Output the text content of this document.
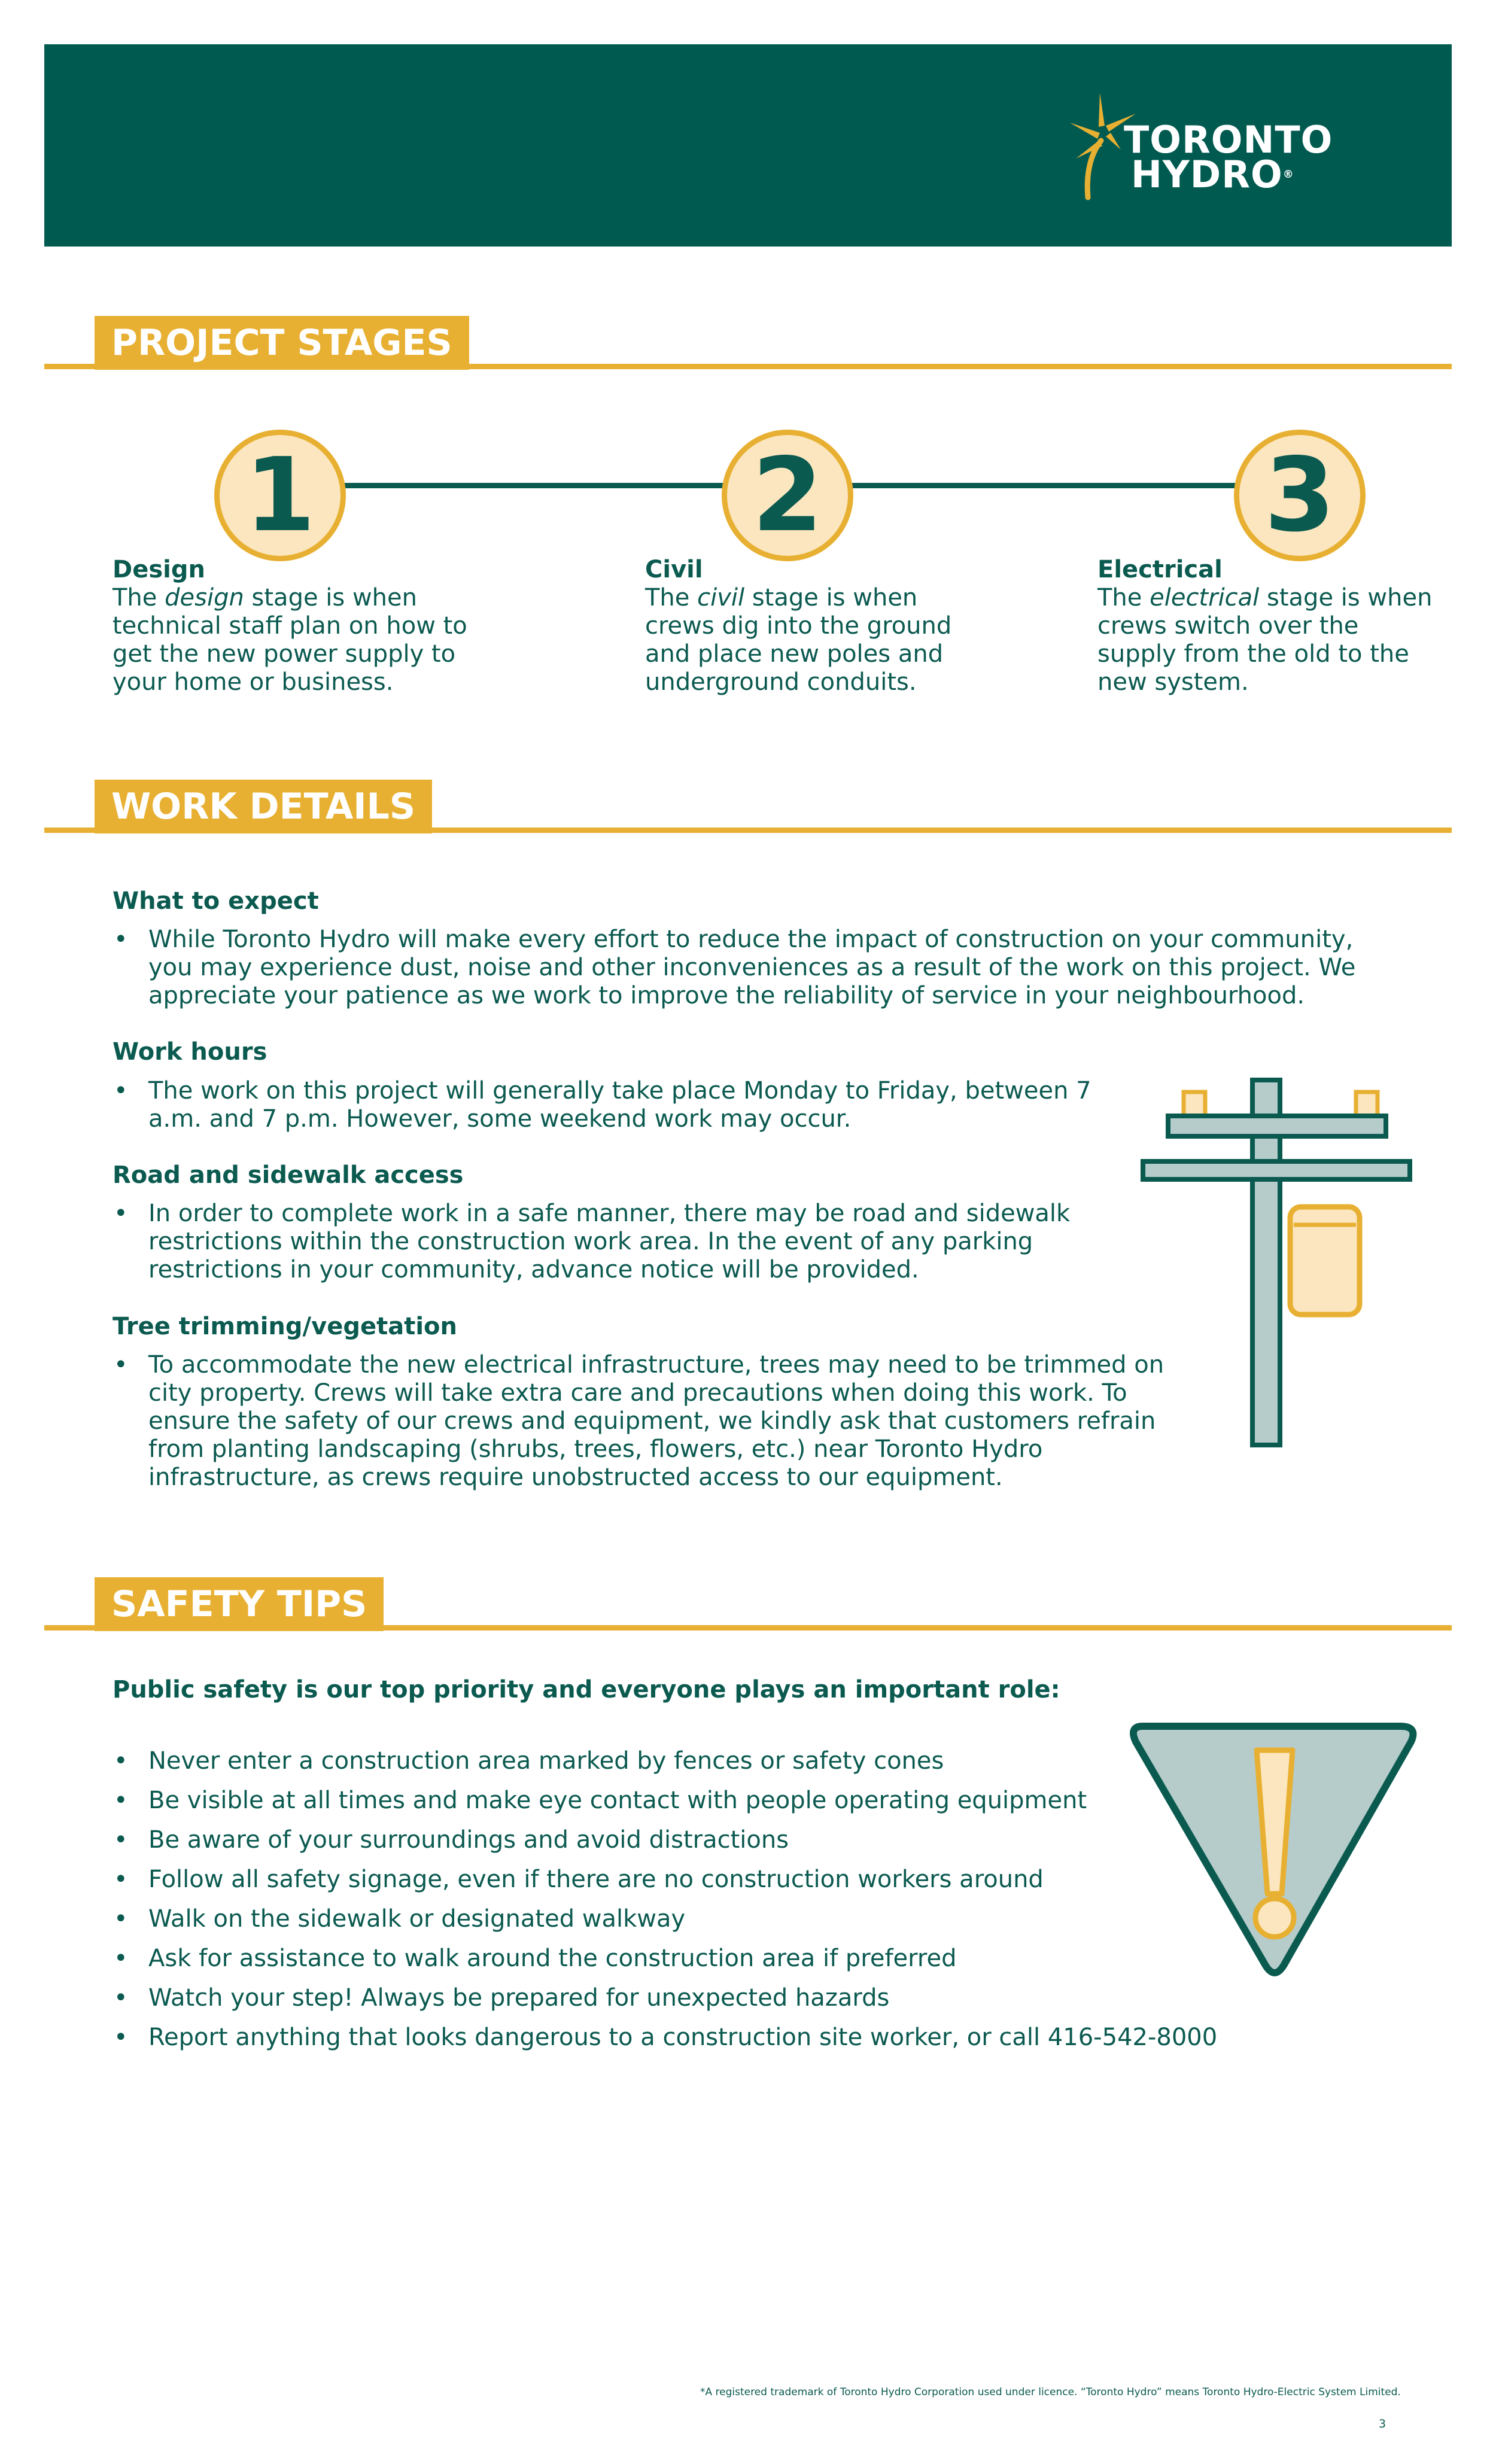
TORONTO
HYDRO®
PROJECT STAGES
1	2	3
Design
The design stage is when technical staff plan on how to get the new power supply to your home or business.
Civil
The civil stage is when crews dig into the ground and place new poles and underground conduits.
Electrical
The electrical stage is when crews switch over the supply from the old to the new system.
WORK DETAILS
What to expect
• While Toronto Hydro will make every effort to reduce the impact of construction on your community, you may experience dust, noise and other inconveniences as a result of the work on this project. We appreciate your patience as we work to improve the reliability of service in your neighbourhood.
Work hours
• The work on this project will generally take place Monday to Friday, between 7 a.m. and 7 p.m. However, some weekend work may occur.
Road and sidewalk access
• In order to complete work in a safe manner, there may be road and sidewalk restrictions within the construction work area. In the event of any parking restrictions in your community, advance notice will be provided.
Tree trimming/vegetation
• To accommodate the new electrical infrastructure, trees may need to be trimmed on city property. Crews will take extra care and precautions when doing this work. To ensure the safety of our crews and equipment, we kindly ask that customers refrain from planting landscaping (shrubs, trees, flowers, etc.) near Toronto Hydro infrastructure, as crews require unobstructed access to our equipment.
SAFETY TIPS
Public safety is our top priority and everyone plays an important role:
• Never enter a construction area marked by fences or safety cones
• Be visible at all times and make eye contact with people operating equipment
• Be aware of your surroundings and avoid distractions
• Follow all safety signage, even if there are no construction workers around
• Walk on the sidewalk or designated walkway
• Ask for assistance to walk around the construction area if preferred
• Watch your step! Always be prepared for unexpected hazards
• Report anything that looks dangerous to a construction site worker, or call 416-542-8000
*A registered trademark of Toronto Hydro Corporation used under licence. “Toronto Hydro” means Toronto Hydro-Electric System Limited.
3
